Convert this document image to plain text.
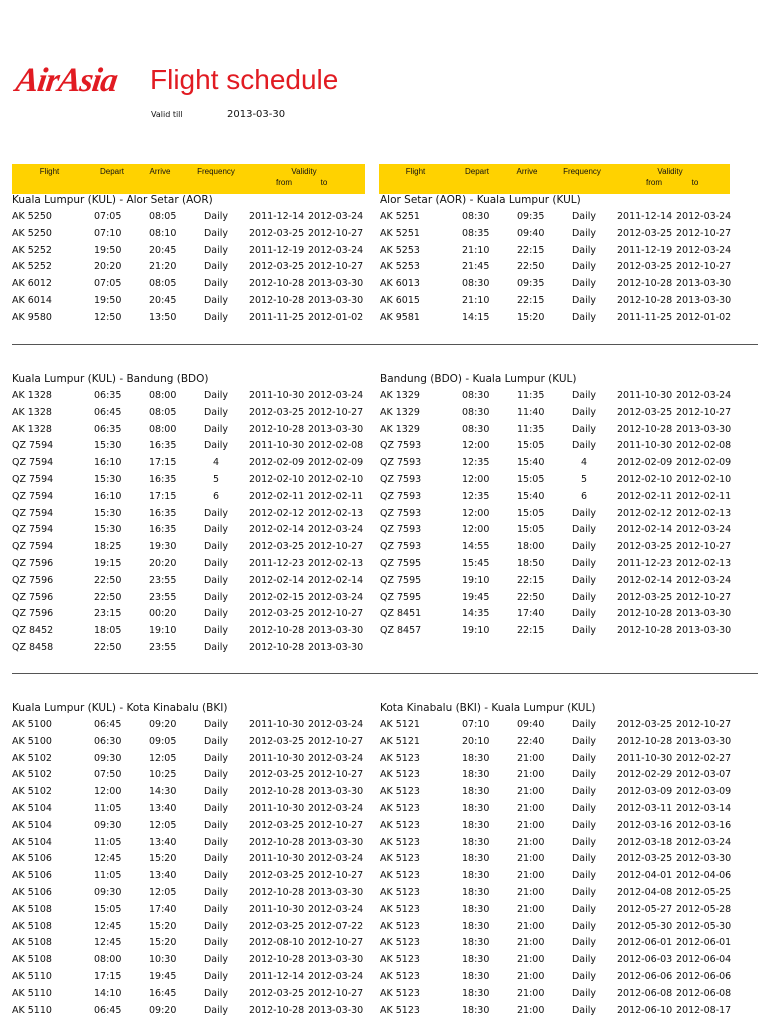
AirAsia Flight schedule
Valid till	2013-03-30
Flight	Depart	Arrive	Frequency	Validity
from	to
Flight	Depart	Arrive	Frequency	Validity
from	to
Kuala Lumpur (KUL) - Alor Setar (AOR)
AK 5250	07:05	08:05	Daily	2011-12-14 2012-03-24
AK 5250	07:10	08:10	Daily	2012-03-25 2012-10-27
AK 5252	19:50	20:45	Daily	2011-12-19 2012-03-24
AK 5252	20:20	21:20	Daily	2012-03-25 2012-10-27
AK 6012	07:05	08:05	Daily	2012-10-28 2013-03-30
AK 6014	19:50	20:45	Daily	2012-10-28 2013-03-30
AK 9580	12:50	13:50	Daily	2011-11-25 2012-01-02
Alor Setar (AOR) - Kuala Lumpur (KUL)
AK 5251	08:30	09:35	Daily	2011-12-14 2012-03-24
AK 5251	08:35	09:40	Daily	2012-03-25 2012-10-27
AK 5253	21:10	22:15	Daily	2011-12-19 2012-03-24
AK 5253	21:45	22:50	Daily	2012-03-25 2012-10-27
AK 6013	08:30	09:35	Daily	2012-10-28 2013-03-30
AK 6015	21:10	22:15	Daily	2012-10-28 2013-03-30
AK 9581	14:15	15:20	Daily	2011-11-25 2012-01-02
Kuala Lumpur (KUL) - Bandung (BDO)
AK 1328	06:35	08:00	Daily	2011-10-30 2012-03-24
AK 1328	06:45	08:05	Daily	2012-03-25 2012-10-27
AK 1328	06:35	08:00	Daily	2012-10-28 2013-03-30
QZ 7594	15:30	16:35	Daily	2011-10-30 2012-02-08
QZ 7594	16:10	17:15	4	2012-02-09 2012-02-09
QZ 7594	15:30	16:35	5	2012-02-10 2012-02-10
QZ 7594	16:10	17:15	6	2012-02-11 2012-02-11
QZ 7594	15:30	16:35	Daily	2012-02-12 2012-02-13
QZ 7594	15:30	16:35	Daily	2012-02-14 2012-03-24
QZ 7594	18:25	19:30	Daily	2012-03-25 2012-10-27
QZ 7596	19:15	20:20	Daily	2011-12-23 2012-02-13
QZ 7596	22:50	23:55	Daily	2012-02-14 2012-02-14
QZ 7596	22:50	23:55	Daily	2012-02-15 2012-03-24
QZ 7596	23:15	00:20	Daily	2012-03-25 2012-10-27
QZ 8452	18:05	19:10	Daily	2012-10-28 2013-03-30
QZ 8458	22:50	23:55	Daily	2012-10-28 2013-03-30
Bandung (BDO) - Kuala Lumpur (KUL)
AK 1329	08:30	11:35	Daily	2011-10-30 2012-03-24
AK 1329	08:30	11:40	Daily	2012-03-25 2012-10-27
AK 1329	08:30	11:35	Daily	2012-10-28 2013-03-30
QZ 7593	12:00	15:05	Daily	2011-10-30 2012-02-08
QZ 7593	12:35	15:40	4	2012-02-09 2012-02-09
QZ 7593	12:00	15:05	5	2012-02-10 2012-02-10
QZ 7593	12:35	15:40	6	2012-02-11 2012-02-11
QZ 7593	12:00	15:05	Daily	2012-02-12 2012-02-13
QZ 7593	12:00	15:05	Daily	2012-02-14 2012-03-24
QZ 7593	14:55	18:00	Daily	2012-03-25 2012-10-27
QZ 7595	15:45	18:50	Daily	2011-12-23 2012-02-13
QZ 7595	19:10	22:15	Daily	2012-02-14 2012-03-24
QZ 7595	19:45	22:50	Daily	2012-03-25 2012-10-27
QZ 8451	14:35	17:40	Daily	2012-10-28 2013-03-30
QZ 8457	19:10	22:15	Daily	2012-10-28 2013-03-30
Kuala Lumpur (KUL) - Kota Kinabalu (BKI)
AK 5100	06:45	09:20	Daily	2011-10-30 2012-03-24
AK 5100	06:30	09:05	Daily	2012-03-25 2012-10-27
AK 5102	09:30	12:05	Daily	2011-10-30 2012-03-24
AK 5102	07:50	10:25	Daily	2012-03-25 2012-10-27
AK 5102	12:00	14:30	Daily	2012-10-28 2013-03-30
AK 5104	11:05	13:40	Daily	2011-10-30 2012-03-24
AK 5104	09:30	12:05	Daily	2012-03-25 2012-10-27
AK 5104	11:05	13:40	Daily	2012-10-28 2013-03-30
AK 5106	12:45	15:20	Daily	2011-10-30 2012-03-24
AK 5106	11:05	13:40	Daily	2012-03-25 2012-10-27
AK 5106	09:30	12:05	Daily	2012-10-28 2013-03-30
AK 5108	15:05	17:40	Daily	2011-10-30 2012-03-24
AK 5108	12:45	15:20	Daily	2012-03-25 2012-07-22
AK 5108	12:45	15:20	Daily	2012-08-10 2012-10-27
AK 5108	08:00	10:30	Daily	2012-10-28 2013-03-30
AK 5110	17:15	19:45	Daily	2011-12-14 2012-03-24
AK 5110	14:10	16:45	Daily	2012-03-25 2012-10-27
AK 5110	06:45	09:20	Daily	2012-10-28 2013-03-30
Kota Kinabalu (BKI) - Kuala Lumpur (KUL)
AK 5121	07:10	09:40	Daily	2012-03-25 2012-10-27
AK 5121	20:10	22:40	Daily	2012-10-28 2013-03-30
AK 5123	18:30	21:00	Daily	2011-10-30 2012-02-27
AK 5123	18:30	21:00	Daily	2012-02-29 2012-03-07
AK 5123	18:30	21:00	Daily	2012-03-09 2012-03-09
AK 5123	18:30	21:00	Daily	2012-03-11 2012-03-14
AK 5123	18:30	21:00	Daily	2012-03-16 2012-03-16
AK 5123	18:30	21:00	Daily	2012-03-18 2012-03-24
AK 5123	18:30	21:00	Daily	2012-03-25 2012-03-30
AK 5123	18:30	21:00	Daily	2012-04-01 2012-04-06
AK 5123	18:30	21:00	Daily	2012-04-08 2012-05-25
AK 5123	18:30	21:00	Daily	2012-05-27 2012-05-28
AK 5123	18:30	21:00	Daily	2012-05-30 2012-05-30
AK 5123	18:30	21:00	Daily	2012-06-01 2012-06-01
AK 5123	18:30	21:00	Daily	2012-06-03 2012-06-04
AK 5123	18:30	21:00	Daily	2012-06-06 2012-06-06
AK 5123	18:30	21:00	Daily	2012-06-08 2012-06-08
AK 5123	18:30	21:00	Daily	2012-06-10 2012-08-17
